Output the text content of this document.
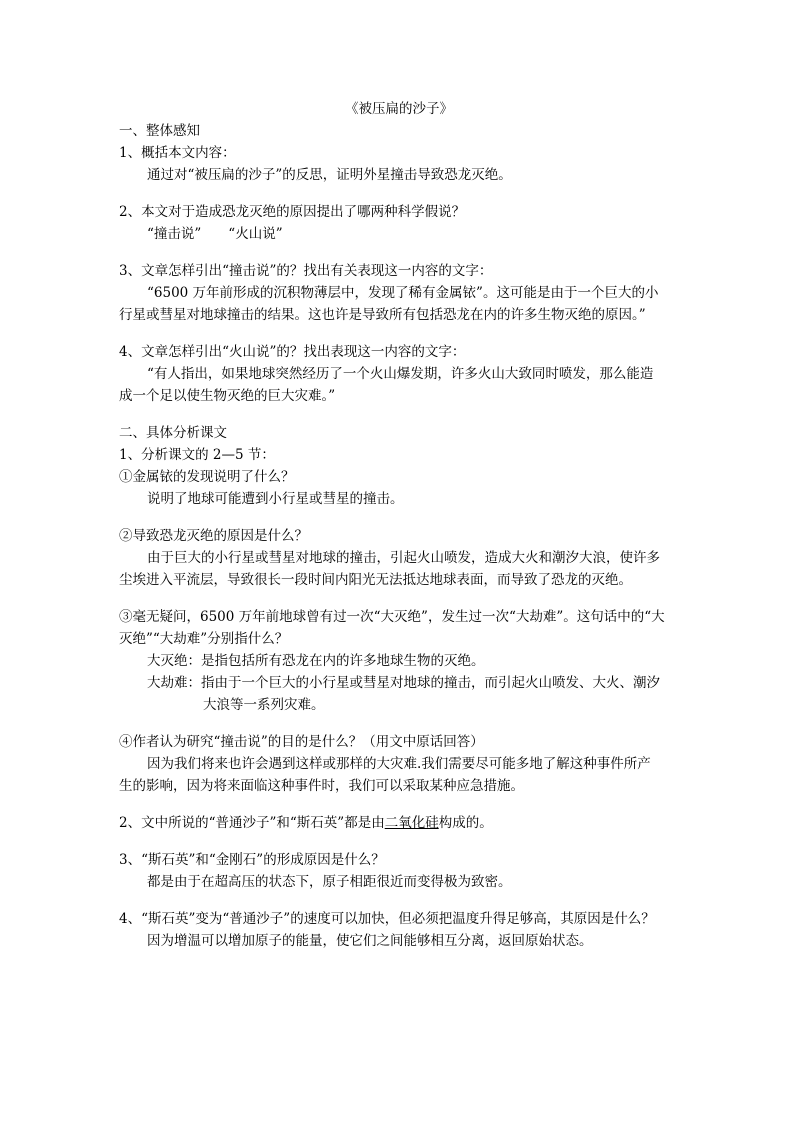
《被压扁的沙子》
一、整体感知
1、概括本文内容：
通过对“被压扁的沙子”的反思，证明外星撞击导致恐龙灭绝。
2、本文对于造成恐龙灭绝的原因提出了哪两种科学假说？
“撞击说”　　“火山说”
3、文章怎样引出“撞击说”的？找出有关表现这一内容的文字：
“6500 万年前形成的沉积物薄层中，发现了稀有金属铱”。这可能是由于一个巨大的小
行星或彗星对地球撞击的结果。这也许是导致所有包括恐龙在内的许多生物灭绝的原因。”
4、文章怎样引出“火山说”的？找出表现这一内容的文字：
“有人指出，如果地球突然经历了一个火山爆发期，许多火山大致同时喷发，那么能造
成一个足以使生物灭绝的巨大灾难。”
二、具体分析课文
1、分析课文的 2—5 节：
①金属铱的发现说明了什么？
说明了地球可能遭到小行星或彗星的撞击。
②导致恐龙灭绝的原因是什么？
由于巨大的小行星或彗星对地球的撞击，引起火山喷发，造成大火和潮汐大浪，使许多
尘埃进入平流层，导致很长一段时间内阳光无法抵达地球表面，而导致了恐龙的灭绝。
③毫无疑问，6500 万年前地球曾有过一次“大灭绝”，发生过一次“大劫难”。这句话中的“大
灭绝”“大劫难”分别指什么？
大灭绝：是指包括所有恐龙在内的许多地球生物的灭绝。
大劫难：指由于一个巨大的小行星或彗星对地球的撞击，而引起火山喷发、大火、潮汐
大浪等一系列灾难。
④作者认为研究“撞击说”的目的是什么？（用文中原话回答）
因为我们将来也许会遇到这样或那样的大灾难.我们需要尽可能多地了解这种事件所产
生的影响，因为将来面临这种事件时，我们可以采取某种应急措施。
2、文中所说的“普通沙子”和“斯石英”都是由二氧化硅构成的。
3、“斯石英”和“金刚石”的形成原因是什么？
都是由于在超高压的状态下，原子相距很近而变得极为致密。
4、“斯石英”变为“普通沙子”的速度可以加快，但必须把温度升得足够高，其原因是什么？
因为增温可以增加原子的能量，使它们之间能够相互分离，返回原始状态。
